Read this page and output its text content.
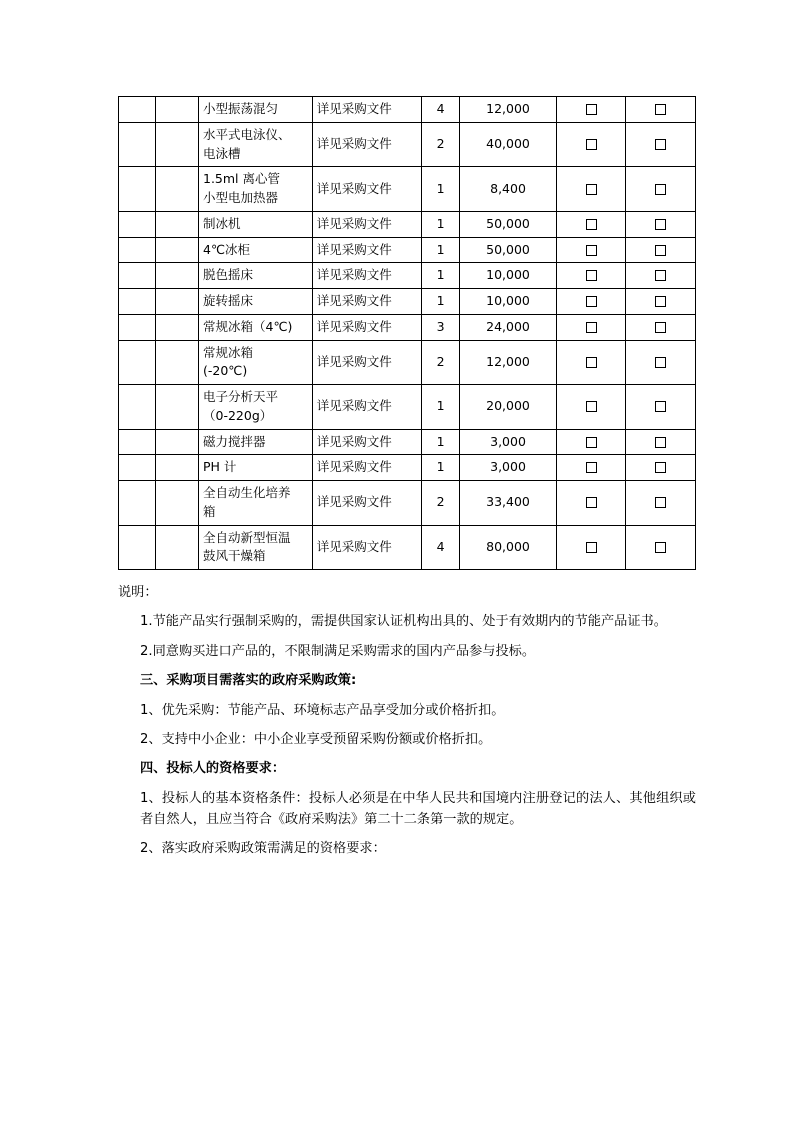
		小型振荡混匀	详见采购文件	4	12,000		

		水平式电泳仪、
电泳槽	详见采购文件	2	40,000		

		1.5ml 离心管
小型电加热器	详见采购文件	1	8,400		
		制冰机	详见采购文件	1	50,000		
		4℃冰柜	详见采购文件	1	50,000		
		脱色摇床	详见采购文件	1	10,000		
		旋转摇床	详见采购文件	1	10,000		
		常规冰箱（4℃)	详见采购文件	3	24,000		

		常规冰箱
(-20℃)	详见采购文件	2	12,000		

		电子分析天平
（0-220g）	详见采购文件	1	20,000		
		磁力搅拌器	详见采购文件	1	3,000		
		PH 计	详见采购文件	1	3,000		

		全自动生化培养
箱	详见采购文件	2	33,400		

		全自动新型恒温
鼓风干燥箱	详见采购文件	4	80,000		

说明：

1.节能产品实行强制采购的，需提供国家认证机构出具的、处于有效期内的节能产品证书。

2.同意购买进口产品的，不限制满足采购需求的国内产品参与投标。

三、采购项目需落实的政府采购政策:

1、优先采购：节能产品、环境标志产品享受加分或价格折扣。

2、支持中小企业：中小企业享受预留采购份额或价格折扣。

四、投标人的资格要求：

1、投标人的基本资格条件：投标人必须是在中华人民共和国境内注册登记的法人、其他组织或者自然人，且应当符合《政府采购法》第二十二条第一款的规定。

2、落实政府采购政策需满足的资格要求：
